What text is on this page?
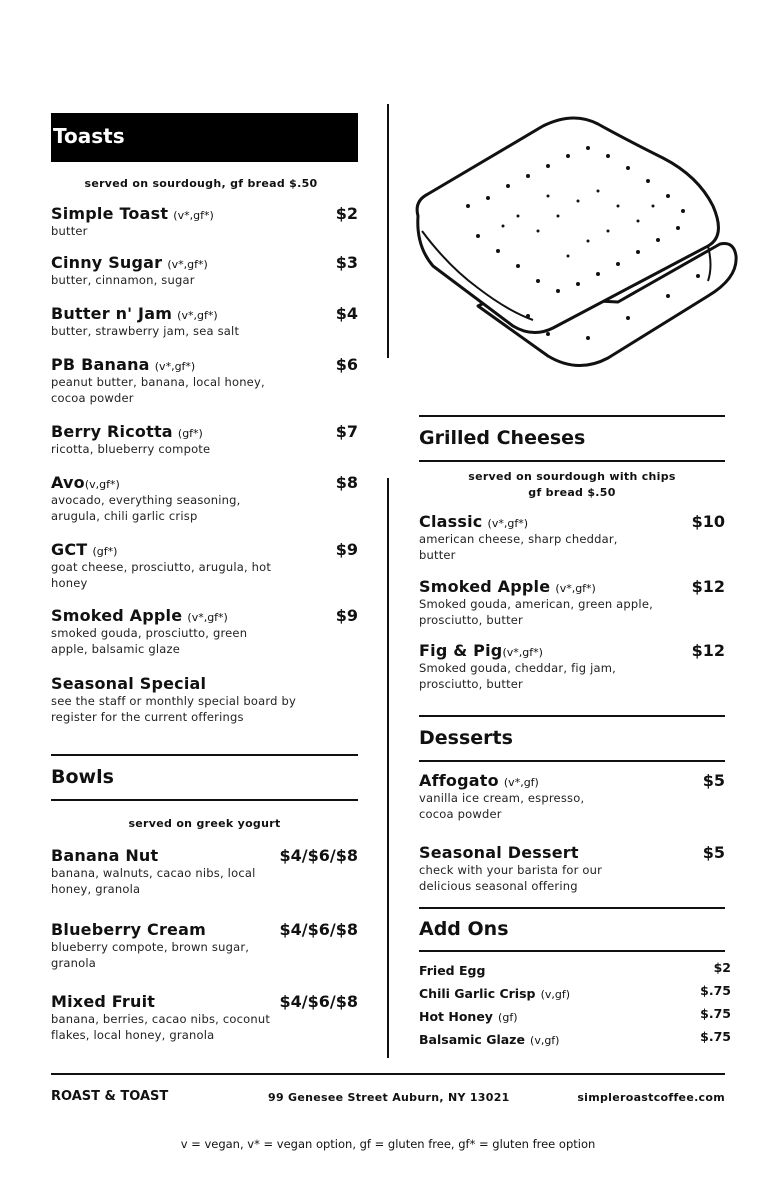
Toasts
served on sourdough, gf bread $.50
Simple Toast (v*,gf*)	$2
butter
Cinny Sugar (v*,gf*)	$3
butter, cinnamon, sugar
Butter n' Jam (v*,gf*)	$4
butter, strawberry jam, sea salt
PB Banana (v*,gf*)	$6
peanut butter, banana, local honey, cocoa powder
Berry Ricotta (gf*)	$7
ricotta, blueberry compote
Avo(v,gf*)	$8
avocado, everything seasoning, arugula, chili garlic crisp
GCT (gf*)	$9
goat cheese, prosciutto, arugula, hot honey
Smoked Apple (v*,gf*)	$9
smoked gouda, prosciutto, green apple, balsamic glaze
Seasonal Special
see the staff or monthly special board by register for the current offerings
Bowls
served on greek yogurt
Banana Nut	$4/$6/$8
banana, walnuts, cacao nibs, local honey, granola
Blueberry Cream	$4/$6/$8
blueberry compote, brown sugar, granola
Mixed Fruit	$4/$6/$8
banana, berries, cacao nibs, coconut flakes, local honey, granola
Grilled Cheeses
served on sourdough with chips
gf bread $.50
Classic (v*,gf*)	$10
american cheese, sharp cheddar, butter
Smoked Apple (v*,gf*)	$12
Smoked gouda, american, green apple, prosciutto, butter
Fig & Pig(v*,gf*)	$12
Smoked gouda, cheddar, fig jam, prosciutto, butter
Desserts
Affogato (v*,gf)	$5
vanilla ice cream, espresso, cocoa powder
Seasonal Dessert	$5
check with your barista for our delicious seasonal offering
Add Ons
Fried Egg	$2
Chili Garlic Crisp (v,gf)	$.75
Hot Honey (gf)	$.75
Balsamic Glaze (v,gf)	$.75
ROAST & TOAST	99 Genesee Street Auburn, NY 13021	simpleroastcoffee.com
v = vegan, v* = vegan option, gf = gluten free, gf* = gluten free option
